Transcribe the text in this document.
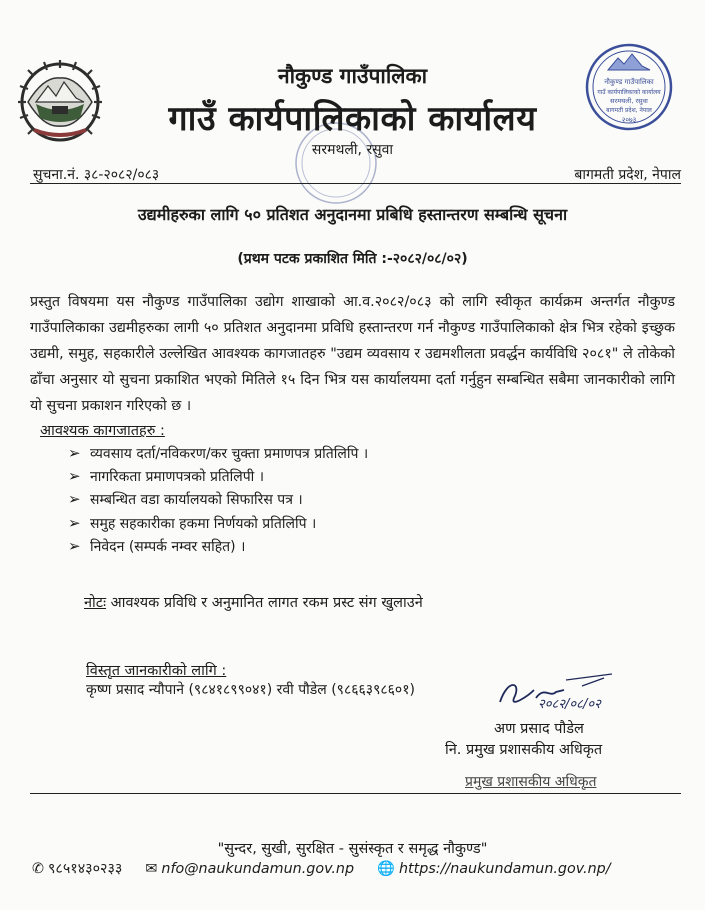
नौकुण्ड गाउँपालिका
गाउँ कार्यपालिकाको कार्यालय
सरमथली, रसुवा
बागमती प्रदेश, नेपाल
२०७३
नौकुण्ड गाउँपालिका
गाउँ कार्यपालिकाको कार्यालय
सरमथली, रसुवा
सुचना.नं. ३८-२०८२/०८३	बागमती प्रदेश, नेपाल
उद्यमीहरुका लागि ५० प्रतिशत अनुदानमा प्रबिधि हस्तान्तरण सम्बन्धि सूचना
(प्रथम पटक प्रकाशित मिति :-२०८२/०८/०२)
प्रस्तुत विषयमा यस नौकुण्ड गाउँपालिका उद्योग शाखाको आ.व.२०८२/०८३ को लागि स्वीकृत कार्यक्रम अन्तर्गत नौकुण्ड गाउँपालिकाका उद्यमीहरुका लागी ५० प्रतिशत अनुदानमा प्रविधि हस्तान्तरण गर्न नौकुण्ड गाउँपालिकाको क्षेत्र भित्र रहेको इच्छुक उद्यमी, समुह, सहकारीले उल्लेखित आवश्यक कागजातहरु "उद्यम व्यवसाय र उद्यमशीलता प्रवर्द्धन कार्यविधि २०८१" ले तोकेको ढाँचा अनुसार यो सुचना प्रकाशित भएको मितिले १५ दिन भित्र यस कार्यालयमा दर्ता गर्नुहुन सम्बन्धित सबैमा जानकारीको लागि यो सुचना प्रकाशन गरिएको छ ।
आवश्यक कागजातहरु :
➢ व्यवसाय दर्ता/नविकरण/कर चुक्ता प्रमाणपत्र प्रतिलिपि ।
➢ नागरिकता प्रमाणपत्रको प्रतिलिपी ।
➢ सम्बन्धित वडा कार्यालयको सिफारिस पत्र ।
➢ समुह सहकारीका हकमा निर्णयको प्रतिलिपि ।
➢ निवेदन (सम्पर्क नम्वर सहित) ।
नोटः आवश्यक प्रविधि र अनुमानित लागत रकम प्रस्ट संग खुलाउने
विस्तृत जानकारीको लागि :
कृष्ण प्रसाद न्यौपाने (९८४१८९९०४१) रवी पौडेल (९८६६३९८६०१)
२०८२/०८/०२
अण प्रसाद पौडेल
नि. प्रमुख प्रशासकीय अधिकृत
प्रमुख प्रशासकीय अधिकृत
"सुन्दर, सुखी, सुरक्षित - सुसंस्कृत र समृद्ध नौकुण्ड"
✆ ९८५१४३०२३३ ✉ nfo@naukundamun.gov.np 🌐 https://naukundamun.gov.np/
